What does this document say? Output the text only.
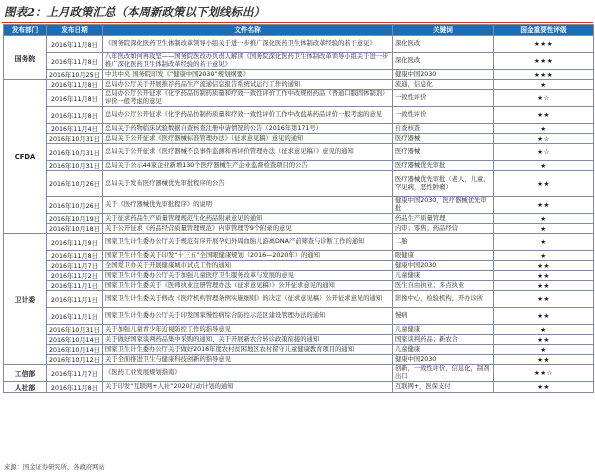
图表2：上月政策汇总（本周新政策以下划线标出）
发布部门	发布日期	文件名称	关键词	国金重要性评级
国务院	2016年11月8日	《国务院深化医药卫生体制改革领导小组关于进一步推广深化医药卫生体制改革经验的若干意见》	深化医改	★★★
	2016年11月8日	八年医改如何再攻坚——国务院医改办负责人解读《国务院深化医药卫生体制改革领导小组关于进一步推广深化医药卫生体制改革经验的若干意见》	深化医改	★★★
	2016年10月25日	中共中央 国务院印发《“健康中国2030”规划纲要》	健康中国2030	★★★
CFDA	2016年11月8日	总局办公厅关于开展推荐药品生产流通信息报告系统试运行工作的通知	流通，信息化	★
	2016年11月8日	总局办公厅公开征求《化学药品仿制药质量和疗效一致性评价工作中改规格药品（普通口服固体制剂）评价一般考虑的意见	一致性评价	★☆
	2016年11月8日	总局办公厅公开征求《化学药品仿制药质量和疗效一致性评价工作中改盐基药品评价一般考虑的意见	一致性评价	★★
	2016年11月4日	总局关于药物临床试验数据自查核查注册申请情况的公告（2016年第171号）	自查核查	★
	2016年10月31日	总局关于公开征求《医疗器械标准管理办法》（征求意见稿）意见的通知	医疗器械	★☆
	2016年10月31日	总局关于公开征求《医疗器械不良事件监测和再评价管理办法（征求意见稿）》意见的通知	医疗器械	★☆
	2016年10月31日	总局关于公示44家企业新增130个医疗器械生产企业监督检查项目的公告	医疗器械优先审批	★
	2016年10月26日	总局关于发布医疗器械优先审批程序的公告	医疗器械优先审批（老人，儿童，罕见病，恶性肿瘤）	★★
	2016年10月26日	关于《医疗器械优先审批程序》的说明	健康中国2030，医疗器械优先审批	★★
	2016年10月19日	关于征求药品生产质量管理规范生化药品附录意见的通知	药品生产质量管理	★
	2016年10月18日	关于公开征求《药品经营质量管理规范》内审管理等9个附录的意见	内审；零售；药品经营	★
卫计委	2016年11月9日	国家卫生计生委办公厅关于规范有序开展孕妇外周血胎儿游离DNA产前筛查与诊断工作的通知	二胎	★
	2016年11月8日	国家卫生计生委关于印发“十三五”全国眼健康规划（2016—2020年）的通知	眼健康	★
	2016年11月7日	全国爱卫办关于开展健康城市试点工作的通知	健康中国2030	★★
	2016年11月2日	国家卫生计生委办公厅关于加强儿童医疗卫生服务改革与发展的意见	儿童健康	★★
	2016年11月1日	国家卫生计生委关于《医师执业注册管理办法（征求意见稿）》公开征求意见的通知	医生自由执业；多点执业	★★
	2016年11月1日	国家卫生计生委关于修改《医疗机构管理条例实施细则》的决定（征求意见稿）公开征求意见的通知	影像中心，检验机构，开办诊所	★★
	2016年11月1日	国家卫生计生委办公厅关于印发国家慢性病综合防控示范区建设管理办法的通知	慢病	★★
	2016年10月31日	关于加强儿童青少年近视防控工作的指导意见	儿童健康	★
	2016年10月14日	关于做好国家谈判药品集中采购的通知、关于开展新农合转诊政策衔接的通知	国家谈判药品；新农合	★★
	2016年10月14日	国家卫生计生委办公厅关于做好2016年度农村贫困地区农村留守儿童健康教育项目的通知	儿童健康	★
	2016年10月12日	关于全面推进卫生与健康科技创新的指导意见	健康中国2030	★★
工信部	2016年11月7日	《医药工业发展规划指南》	创新，一致性评价，信息化，制剂出口	★★☆
人社部	2016年11月8日	关于印发“互联网+人社”2020行动计划的通知	互联网+，医保支付	★★
来源：国金证券研究所，各政府网站
